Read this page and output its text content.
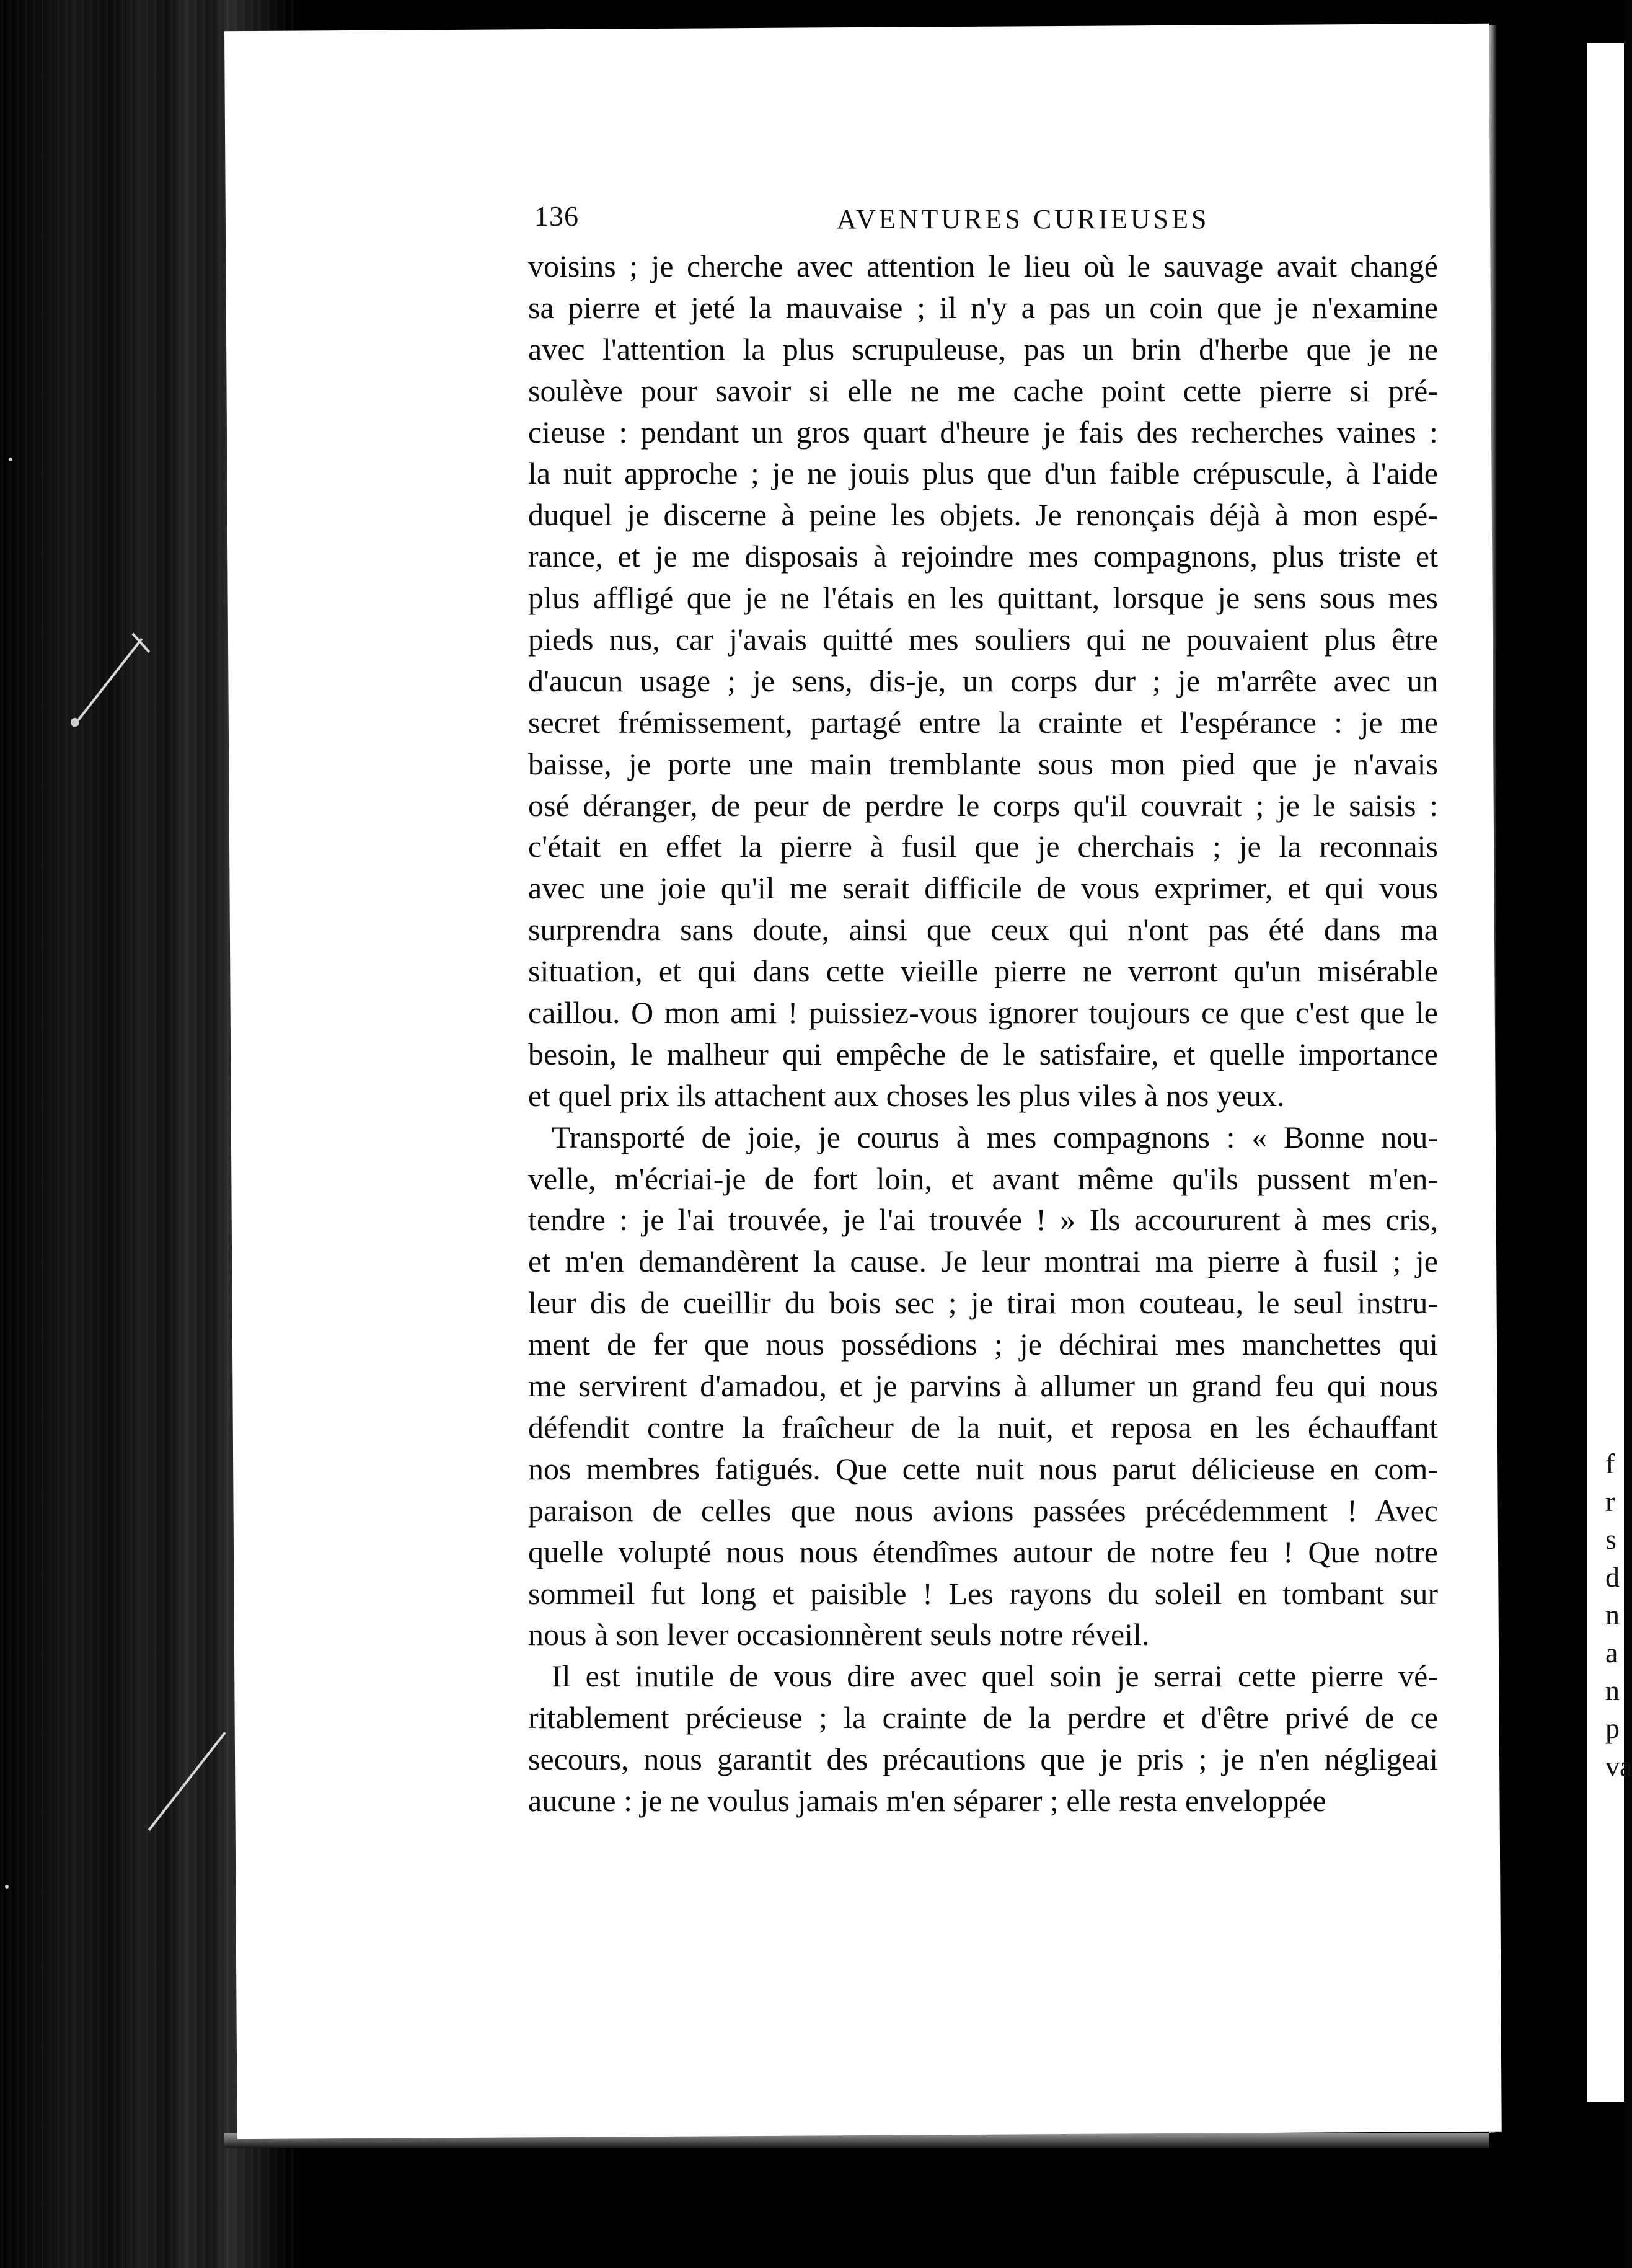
f
r
s
d
n
a
n
p
va
136	AVENTURES CURIEUSES
voisins ; je cherche avec attention le lieu où le sauvage avait changé
sa pierre et jeté la mauvaise ; il n'y a pas un coin que je n'examine
avec l'attention la plus scrupuleuse, pas un brin d'herbe que je ne
soulève pour savoir si elle ne me cache point cette pierre si pré-
cieuse : pendant un gros quart d'heure je fais des recherches vaines :
la nuit approche ; je ne jouis plus que d'un faible crépuscule, à l'aide
duquel je discerne à peine les objets. Je renonçais déjà à mon espé-
rance, et je me disposais à rejoindre mes compagnons, plus triste et
plus affligé que je ne l'étais en les quittant, lorsque je sens sous mes
pieds nus, car j'avais quitté mes souliers qui ne pouvaient plus être
d'aucun usage ; je sens, dis-je, un corps dur ; je m'arrête avec un
secret frémissement, partagé entre la crainte et l'espérance : je me
baisse, je porte une main tremblante sous mon pied que je n'avais
osé déranger, de peur de perdre le corps qu'il couvrait ; je le saisis :
c'était en effet la pierre à fusil que je cherchais ; je la reconnais
avec une joie qu'il me serait difficile de vous exprimer, et qui vous
surprendra sans doute, ainsi que ceux qui n'ont pas été dans ma
situation, et qui dans cette vieille pierre ne verront qu'un misérable
caillou. O mon ami ! puissiez-vous ignorer toujours ce que c'est que le
besoin, le malheur qui empêche de le satisfaire, et quelle importance
et quel prix ils attachent aux choses les plus viles à nos yeux.
Transporté de joie, je courus à mes compagnons : « Bonne nou-
velle, m'écriai-je de fort loin, et avant même qu'ils pussent m'en-
tendre : je l'ai trouvée, je l'ai trouvée ! » Ils accoururent à mes cris,
et m'en demandèrent la cause. Je leur montrai ma pierre à fusil ; je
leur dis de cueillir du bois sec ; je tirai mon couteau, le seul instru-
ment de fer que nous possédions ; je déchirai mes manchettes qui
me servirent d'amadou, et je parvins à allumer un grand feu qui nous
défendit contre la fraîcheur de la nuit, et reposa en les échauffant
nos membres fatigués. Que cette nuit nous parut délicieuse en com-
paraison de celles que nous avions passées précédemment ! Avec
quelle volupté nous nous étendîmes autour de notre feu ! Que notre
sommeil fut long et paisible ! Les rayons du soleil en tombant sur
nous à son lever occasionnèrent seuls notre réveil.
Il est inutile de vous dire avec quel soin je serrai cette pierre vé-
ritablement précieuse ; la crainte de la perdre et d'être privé de ce
secours, nous garantit des précautions que je pris ; je n'en négligeai
aucune : je ne voulus jamais m'en séparer ; elle resta enveloppée
